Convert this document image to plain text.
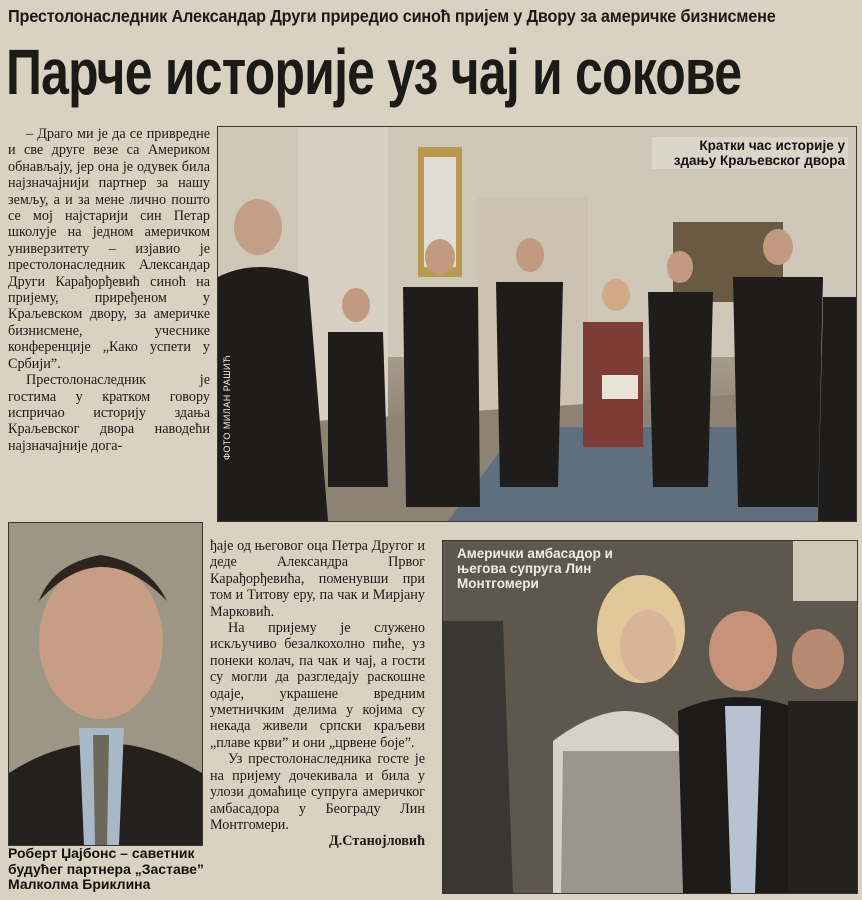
Престолонаследник Александар Други приредио синоћ пријем у Двору за америчке бизнисмене
Парче историје уз чај и сокове

– Драго ми је да се привредне и све друге везе са Америком обнављају, јер она је одувек била најзначајнији партнер за нашу земљу, а и за мене лично пошто се мој најстарији син Петар школује на једном америчком универзитету – изјавио је престолонаследник Александар Други Карађорђевић синоћ на пријему, приређеном у Краљевском двору, за америчке бизнисмене, учеснике конференције „Како успети у Србији”.

Престолонаследник је гостима у кратком говору испричао историју здања Краљевског двора наводећи најзначајније дога-

Кратки час историје у здању Краљевског двора
ФОТО МИЛАН РАШИЋ
Роберт Џајбонс – саветник будућег партнера „Заставе” Малколма Бриклина

ђаје од његовог оца Петра Другог и деде Александра Првог Карађорђевића, поменувши при том и Титову еру, па чак и Мирјану Марковић.

На пријему је служено искључиво безалкохолно пиће, уз понеки колач, па чак и чај, а гости су могли да разгледају раскошне одаје, украшене вредним уметничким делима у којима су некада живели српски краљеви „плаве крви” и они „црвене боје”.

Уз престолонаследника госте је на пријему дочекивала и била у улози домаћице супруга америчког амбасадора у Београду Лин Монтгомери.

Д.Станојловић

Амерички амбасадор и његова супруга Лин Монтгомери
